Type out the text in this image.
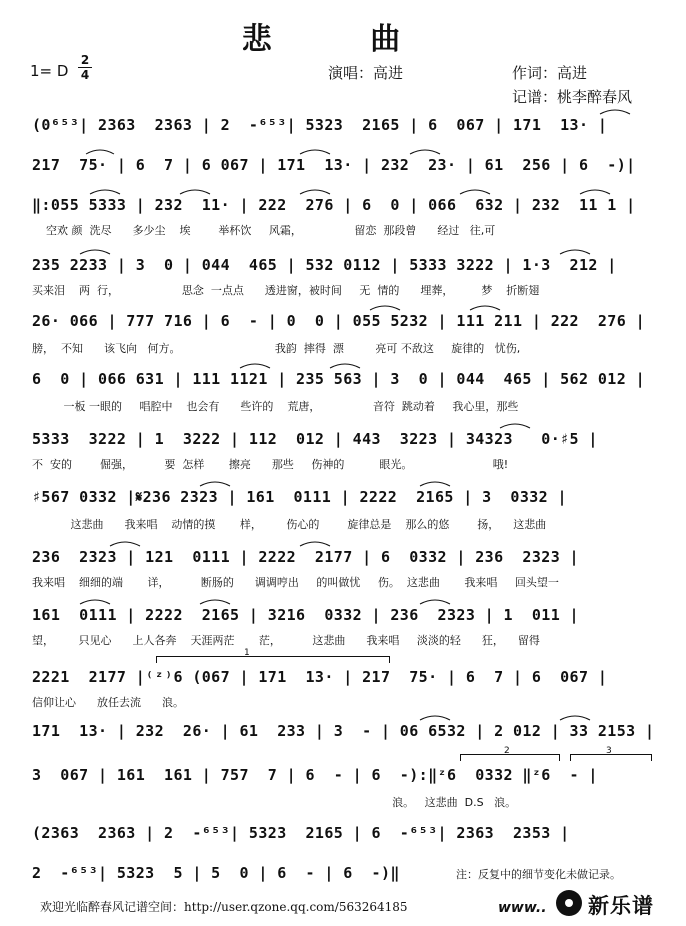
悲 曲
1= D
2
4	演唱：高进	作词：高进
记谱：桃李醉春风
(0⁶⁵³| 2363  2363 | 2  -⁶⁵³| 5323  2165 | 6  067 | 171  13· |
217  75· | 6  7 | 6 067 | 171  13· | 232  23· | 61  256 | 6  -)|
‖:055 5333 | 232  11· | 222  276 | 6  0 | 066  632 | 232  11 1 |
空欢 颜  洗尽      多少尘    埃        举杯饮     风霜，               留恋  那段曾      经过   往,可
235 2233 | 3  0 | 044  465 | 532 0112 | 5333 3222 | 1·3  212 |
买来泪    两  行，                  思念  一点点      透进窗，被时间     无  情的      埋葬，        梦    折断翅
26· 066 | 777 716 | 6  - | 0  0 | 055 5232 | 111 211 | 222  276 |
膀，  不知      该飞向   何方。                           我韵  摔得  漂         亮可 不敌这     旋律的   忧伤,
6  0 | 066 631 | 111 1121 | 235 563 | 3  0 | 044  465 | 562 012 |
一板 一眼的     唱腔中    也会有      些许的    荒唐，               音符  跳动着     我心里，那些
5333  3222 | 1  3222 | 112  012 | 443  3223 | 34323   0·♯5 |
不  安的        倔强，         要  怎样       擦亮      那些     伤神的          眼光。                       哦!
♯567 0332 |𝄋236 2323 | 161  0111 | 2222  2165 | 3  0332 |
这悲曲      我来唱    动情的摸       样，       伤心的        旋律总是    那么的悠        扬，    这悲曲
236  2323 | 121  0111 | 2222  2177 | 6  0332 | 236  2323 |
我来唱    细细的端       详，         断肠的      调调哼出     的叫做忧     伤。  这悲曲       我来唱     回头望一
161  0111 | 2222  2165 | 3216  0332 | 236  2323 | 1  011 |
望，       只见心      上人各奔    天涯两茫       茫，         这悲曲      我来唱     淡淡的轻      狂，    留得
1
2221  2177 |⁽ᶻ⁾6 (067 | 171  13· | 217  75· | 6  7 | 6  067 |
信仰让心      放任去流      浪。
171  13· | 232  26· | 61  233 | 3  - | 06 6532 | 2 012 | 33 2153 |
2	3
3  067 | 161  161 | 757  7 | 6  - | 6  -):‖ᶻ6  0332 ‖ᶻ6  - |
浪。   这悲曲  D.S   浪。
(2363  2363 | 2  -⁶⁵³| 5323  2165 | 6  -⁶⁵³| 2363  2353 |
2  -⁶⁵³| 5323  5 | 5  0 | 6  - | 6  -)‖	注：反复中的细节变化未做记录。
欢迎光临醉春风记谱空间：http://user.qzone.qq.com/563264185	www.. 新乐谱
